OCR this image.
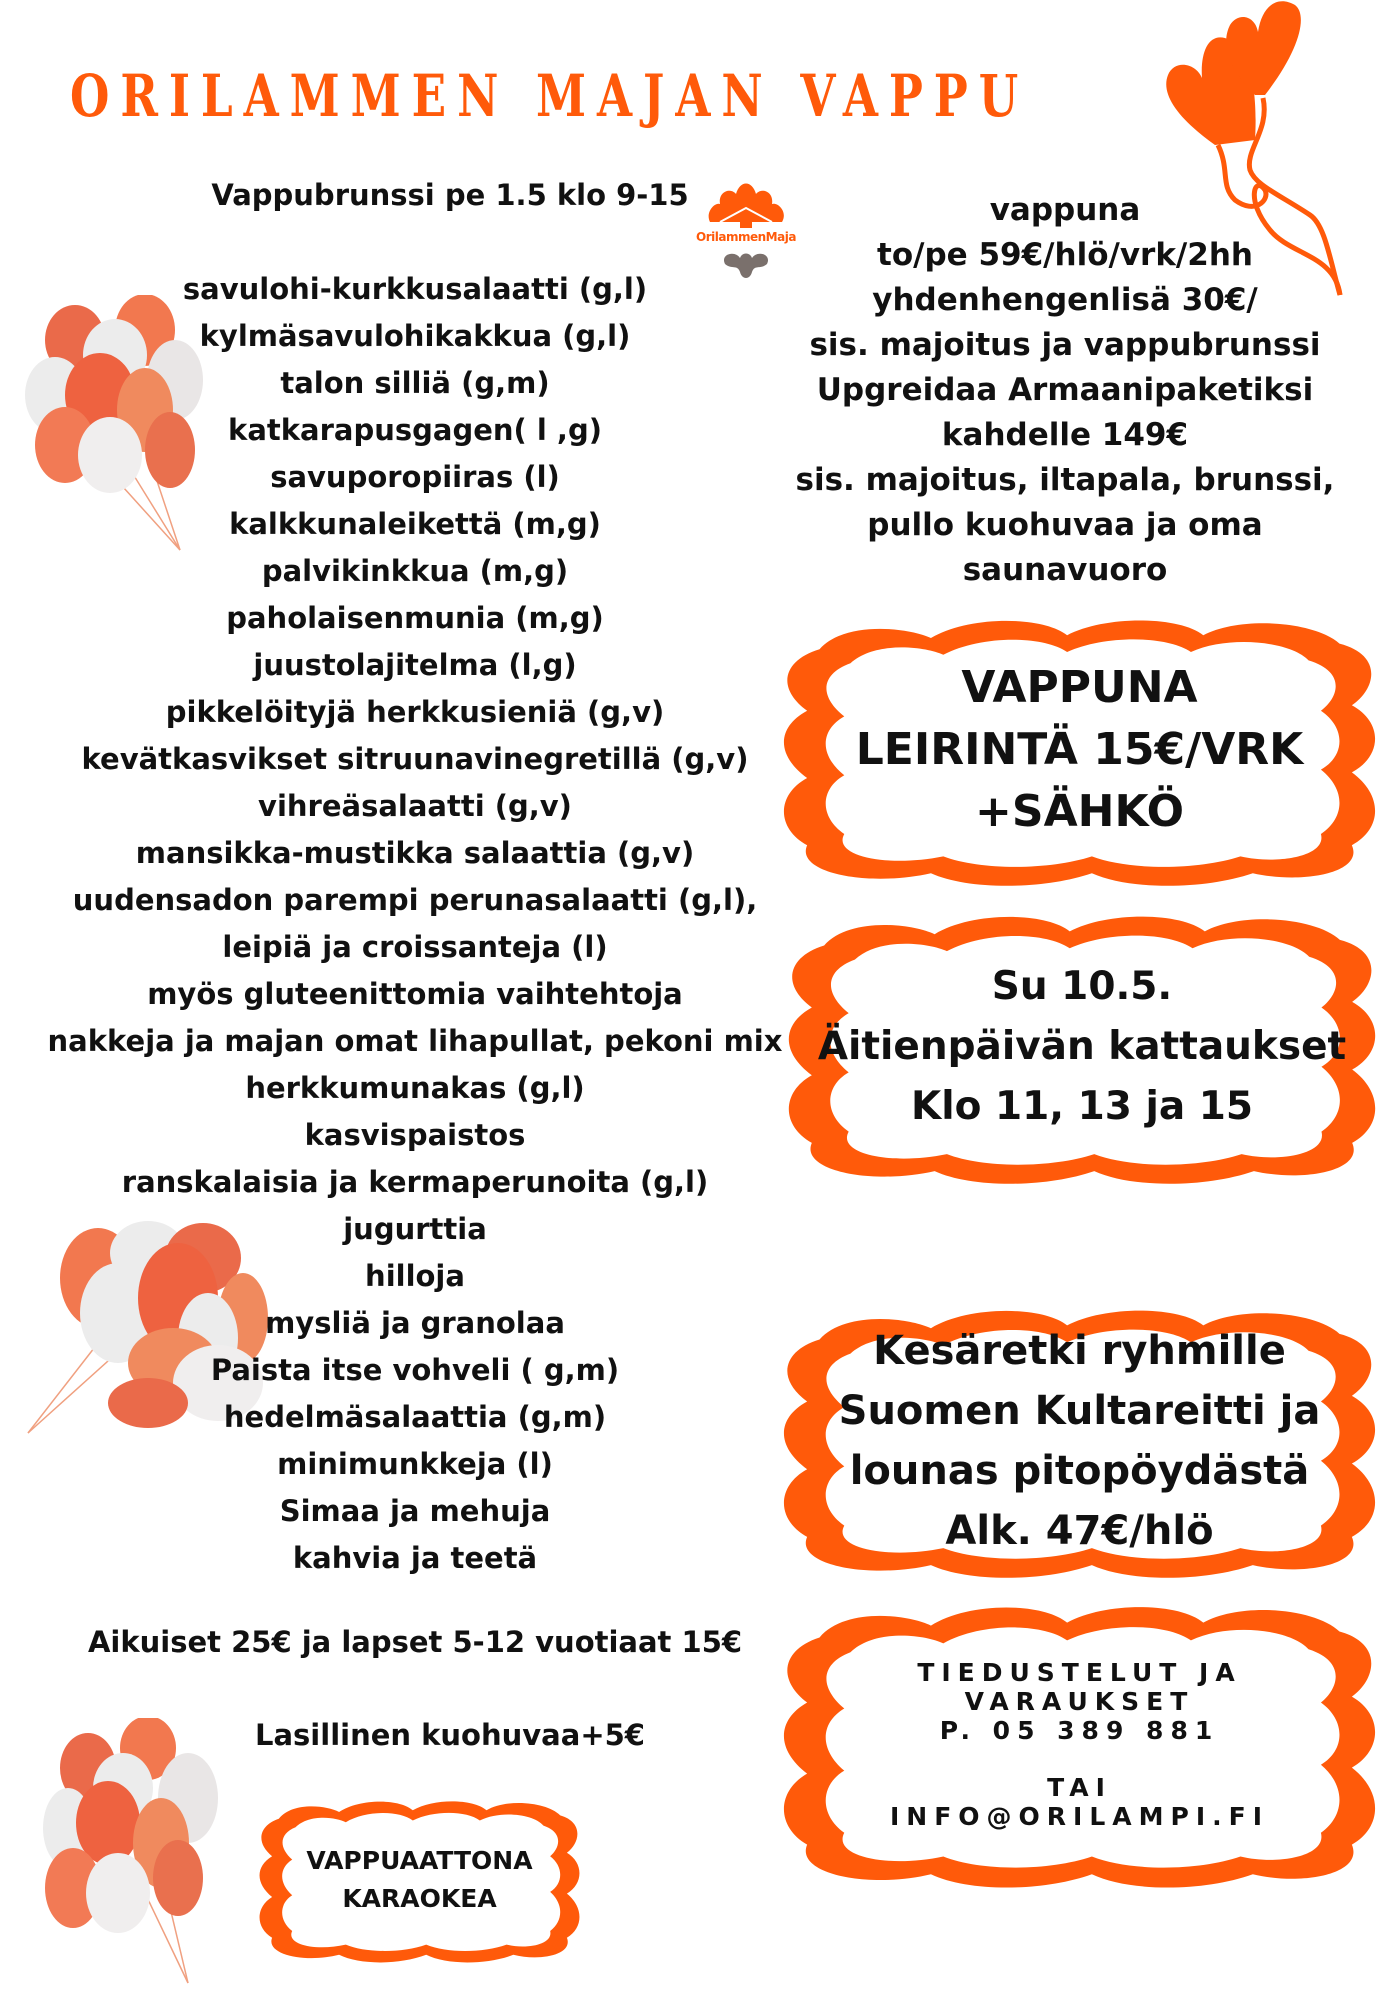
ORILAMMEN MAJAN VAPPU
OrilammenMaja
Vappubrunssi pe 1.5 klo 9-15
savulohi-kurkkusalaatti (g,l)
kylmäsavulohikakkua (g,l)
talon silliä (g,m)
katkarapusgagen( l ,g)
savuporopiiras (l)
kalkkunaleikettä (m,g)
palvikinkkua (m,g)
paholaisenmunia (m,g)
juustolajitelma (l,g)
pikkelöityjä herkkusieniä (g,v)
kevätkasvikset sitruunavinegretillä (g,v)
vihreäsalaatti (g,v)
mansikka-mustikka salaattia (g,v)
uudensadon parempi perunasalaatti (g,l),
leipiä ja croissanteja (l)
myös gluteenittomia vaihtehtoja
nakkeja ja majan omat lihapullat, pekoni mix
herkkumunakas (g,l)
kasvispaistos
ranskalaisia ja kermaperunoita (g,l)
jugurttia
hilloja
mysliä ja granolaa
Paista itse vohveli ( g,m)
hedelmäsalaattia (g,m)
minimunkkeja (l)
Simaa ja mehuja
kahvia ja teetä
Aikuiset 25€ ja lapset 5-12 vuotiaat 15€
Lasillinen kuohuvaa+5€
vappuna
to/pe 59€/hlö/vrk/2hh
yhdenhengenlisä 30€/
sis. majoitus ja vappubrunssi
Upgreidaa Armaanipaketiksi
kahdelle 149€
sis. majoitus, iltapala, brunssi,
pullo kuohuvaa ja oma
saunavuoro
VAPPUNA
LEIRINTÄ 15€/VRK
+SÄHKÖ
Su 10.5.
Äitienpäivän kattaukset
Klo 11, 13 ja 15
Kesäretki ryhmille
Suomen Kultareitti ja
lounas pitopöydästä
Alk. 47€/hlö
TIEDUSTELUT JA
VARAUKSET
P. 05 389 881
TAI
INFO@ORILAMPI.FI
VAPPUAATTONA
KARAOKEA
